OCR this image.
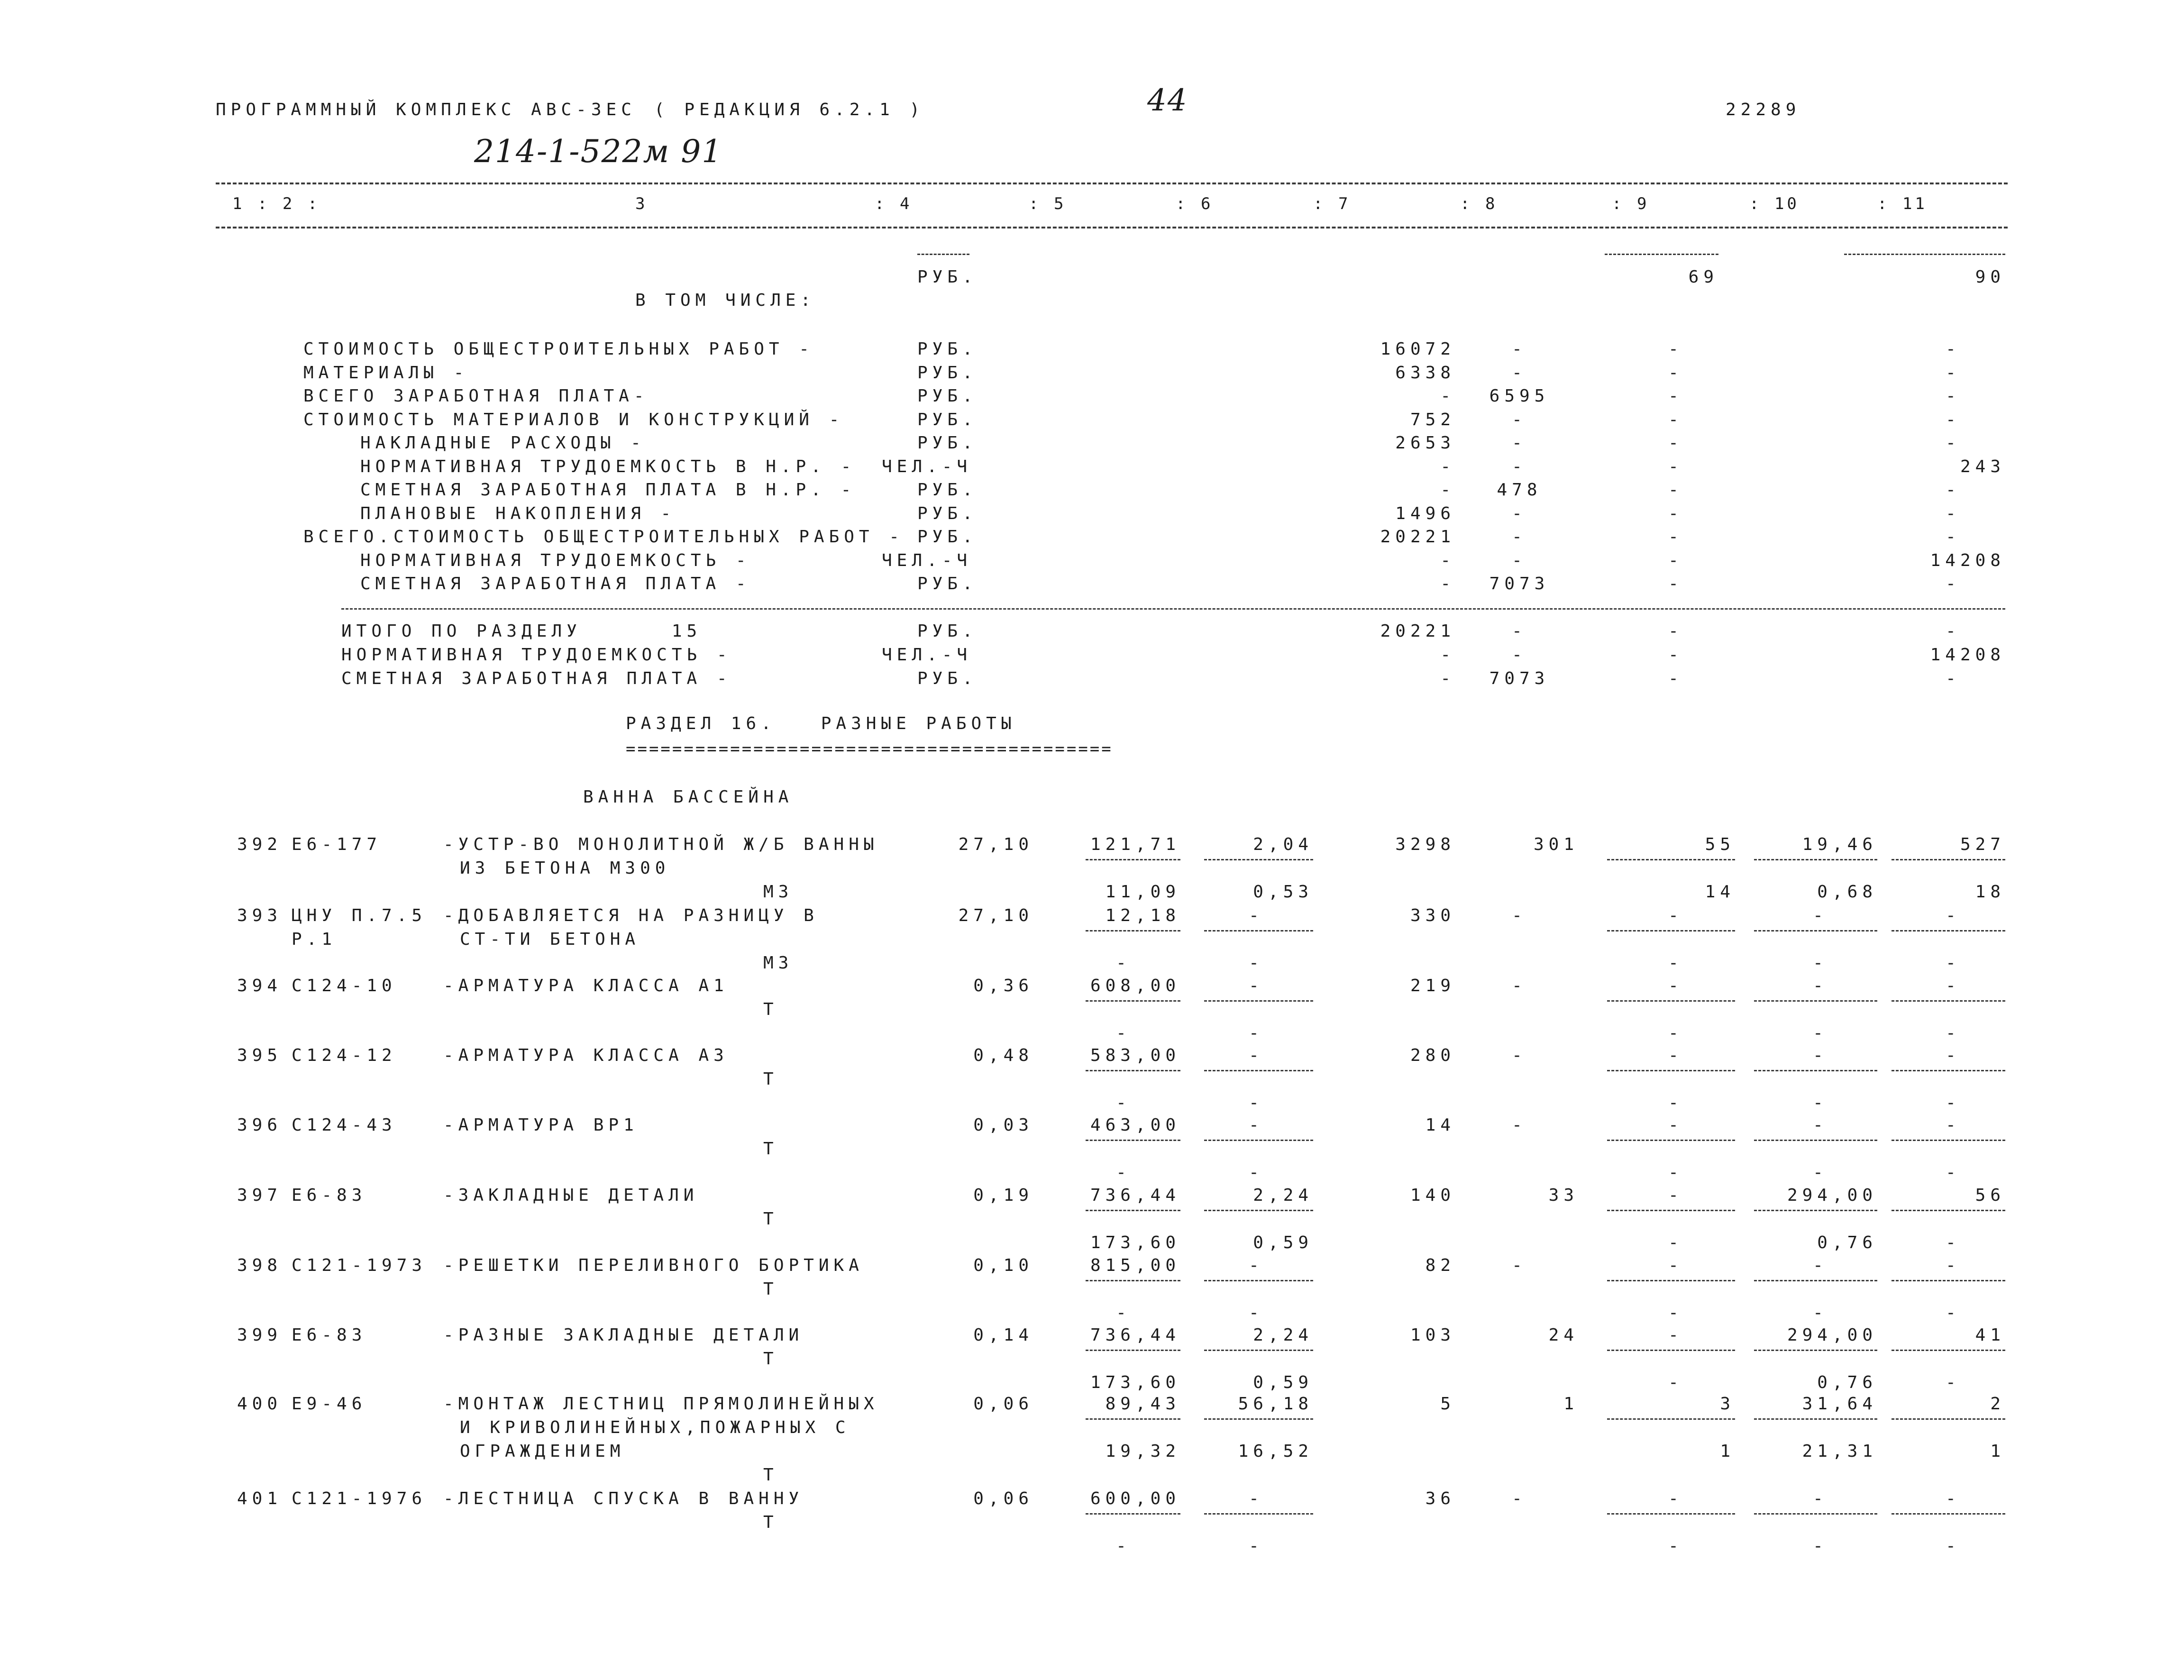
ПРОГРАММНЫЙ КОМПЛЕКС АВС-3ЕС ( РЕДАКЦИЯ 6.2.1 )	44	22289
214-1-522м 91
1 : 2 :	3	: 4	: 5	: 6	: 7	: 8	: 9	: 10	: 11
РУБ.	69	90
В ТОМ ЧИСЛЕ:
РАЗДЕЛ 16.   РАЗНЫЕ РАБОТЫ
==========================================
ВАННА БАССЕЙНА
СТОИМОСТЬ ОБЩЕСТРОИТЕЛЬНЫХ РАБОТ -	РУБ.	16072	-	-	-
МАТЕРИАЛЫ -	РУБ.	6338	-	-	-
ВСЕГО ЗАРАБОТНАЯ ПЛАТА-	РУБ.	-	6595	-	-
СТОИМОСТЬ МАТЕРИАЛОВ И КОНСТРУКЦИЙ -	РУБ.	752	-	-	-
НАКЛАДНЫЕ РАСХОДЫ -	РУБ.	2653	-	-	-
НОРМАТИВНАЯ ТРУДОЕМКОСТЬ В Н.Р. - ЧЕЛ.-Ч	-	-	-	243
СМЕТНАЯ ЗАРАБОТНАЯ ПЛАТА В Н.Р. -	РУБ.	-	478	-	-
ПЛАНОВЫЕ НАКОПЛЕНИЯ -	РУБ.	1496	-	-	-
ВСЕГО.СТОИМОСТЬ ОБЩЕСТРОИТЕЛЬНЫХ РАБОТ - РУБ.	20221	-	-	-
НОРМАТИВНАЯ ТРУДОЕМКОСТЬ -	ЧЕЛ.-Ч	-	-	-	14208
СМЕТНАЯ ЗАРАБОТНАЯ ПЛАТА -	РУБ.	-	7073	-	-
ИТОГО ПО РАЗДЕЛУ      15	РУБ.	20221	-	-	-
НОРМАТИВНАЯ ТРУДОЕМКОСТЬ -	ЧЕЛ.-Ч	-	-	-	14208
СМЕТНАЯ ЗАРАБОТНАЯ ПЛАТА -	РУБ.	-	7073	-	-
392 Е6-177	-УСТР-ВО МОНОЛИТНОЙ Ж/Б ВАННЫ
ИЗ БЕТОНА М300
М3
27,10	121,71	2,04	3298	301	55	19,46	527
11,09	0,53	14	0,68	18
393 ЦНУ П.7.5
Р.1
-ДОБАВЛЯЕТСЯ НА РАЗНИЦУ В
СТ-ТИ БЕТОНА
М3
27,10	12,18	-	330	-	-	-	-
-	-	-	-	-
394 С124-10	-АРМАТУРА КЛАССА А1
Т
0,36	608,00	-	219	-	-	-	-
-	-	-	-	-
395 С124-12	-АРМАТУРА КЛАССА А3
Т
0,48	583,00	-	280	-	-	-	-
-	-	-	-	-
396 С124-43	-АРМАТУРА ВР1
Т
0,03	463,00	-	14	-	-	-	-
-	-	-	-	-
397 Е6-83	-ЗАКЛАДНЫЕ ДЕТАЛИ
Т
0,19	736,44	2,24	140	33	-	294,00	56
173,60	0,59	-	0,76	-
398 С121-1973 -РЕШЕТКИ ПЕРЕЛИВНОГО БОРТИКА
Т
0,10	815,00	-	82	-	-	-	-
-	-	-	-	-
399 Е6-83	-РАЗНЫЕ ЗАКЛАДНЫЕ ДЕТАЛИ
Т
0,14	736,44	2,24	103	24	-	294,00	41
173,60	0,59	-	0,76	-
400 Е9-46	-МОНТАЖ ЛЕСТНИЦ ПРЯМОЛИНЕЙНЫХ
И КРИВОЛИНЕЙНЫХ,ПОЖАРНЫХ С
ОГРАЖДЕНИЕМ
Т
0,06	89,43	56,18	5	1	3	31,64	2
19,32	16,52	1	21,31	1
401 С121-1976 -ЛЕСТНИЦА СПУСКА В ВАННУ
Т
0,06	600,00	-	36	-	-	-	-
-	-	-	-	-
